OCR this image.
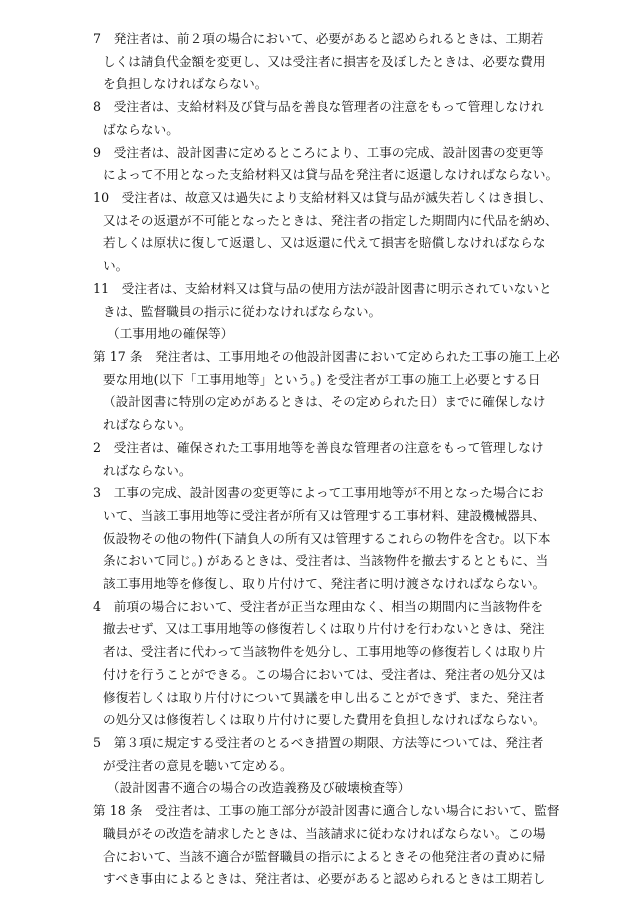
7　発注者は、前２項の場合において、必要があると認められるときは、工期若
しくは請負代金額を変更し、又は受注者に損害を及ぼしたときは、必要な費用
を負担しなければならない。
8　受注者は、支給材料及び貸与品を善良な管理者の注意をもって管理しなけれ
ばならない。
9　受注者は、設計図書に定めるところにより、工事の完成、設計図書の変更等
によって不用となった支給材料又は貸与品を発注者に返還しなければならない。
10　受注者は、故意又は過失により支給材料又は貸与品が滅失若しくはき損し、
又はその返還が不可能となったときは、発注者の指定した期間内に代品を納め、
若しくは原状に復して返還し、又は返還に代えて損害を賠償しなければならな
い。
11　受注者は、支給材料又は貸与品の使用方法が設計図書に明示されていないと
きは、監督職員の指示に従わなければならない。
（工事用地の確保等）
第 17 条　発注者は、工事用地その他設計図書において定められた工事の施工上必
要な用地(以下「工事用地等」という。) を受注者が工事の施工上必要とする日
（設計図書に特別の定めがあるときは、その定められた日）までに確保しなけ
ればならない。
2　受注者は、確保された工事用地等を善良な管理者の注意をもって管理しなけ
ればならない。
3　工事の完成、設計図書の変更等によって工事用地等が不用となった場合にお
いて、当該工事用地等に受注者が所有又は管理する工事材料、建設機械器具、
仮設物その他の物件(下請負人の所有又は管理するこれらの物件を含む。以下本
条において同じ。) があるときは、受注者は、当該物件を撤去するとともに、当
該工事用地等を修復し、取り片付けて、発注者に明け渡さなければならない。
4　前項の場合において、受注者が正当な理由なく、相当の期間内に当該物件を
撤去せず、又は工事用地等の修復若しくは取り片付けを行わないときは、発注
者は、受注者に代わって当該物件を処分し、工事用地等の修復若しくは取り片
付けを行うことができる。この場合においては、受注者は、発注者の処分又は
修復若しくは取り片付けについて異議を申し出ることができず、また、発注者
の処分又は修復若しくは取り片付けに要した費用を負担しなければならない。
5　第３項に規定する受注者のとるべき措置の期限、方法等については、発注者
が受注者の意見を聴いて定める。
（設計図書不適合の場合の改造義務及び破壊検査等）
第 18 条　受注者は、工事の施工部分が設計図書に適合しない場合において、監督
職員がその改造を請求したときは、当該請求に従わなければならない。この場
合において、当該不適合が監督職員の指示によるときその他発注者の責めに帰
すべき事由によるときは、発注者は、必要があると認められるときは工期若し
